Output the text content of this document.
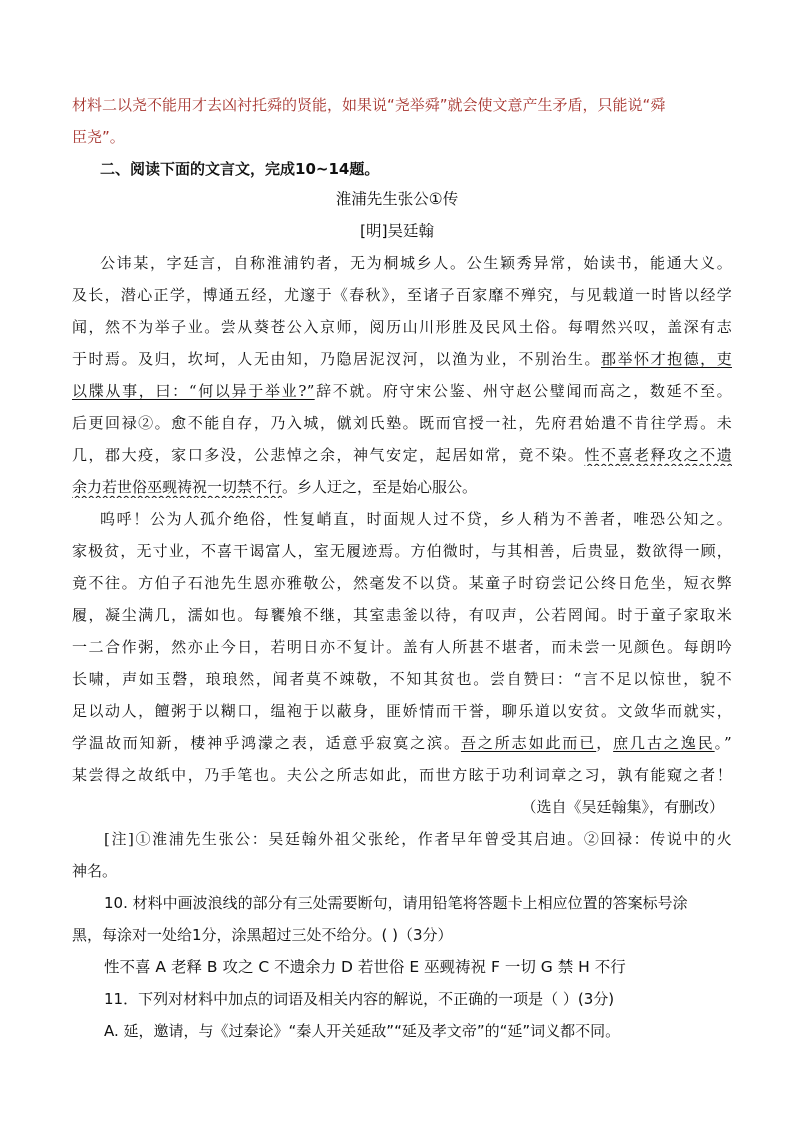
材料二以尧不能用才去凶衬托舜的贤能，如果说“尧举舜”就会使文意产生矛盾，只能说“舜
臣尧”。
二、阅读下面的文言文，完成10~14题。
淮浦先生张公①传
[明]吴廷翰
公讳某，字廷言，自称淮浦钓者，无为桐城乡人。公生颖秀异常，始读书，能通大义。
及长，潜心正学，博通五经，尤邃于《春秋》，至诸子百家靡不殚究，与见载道一时皆以经学
闻，然不为举子业。尝从葵苍公入京师，阅历山川形胜及民风土俗。每喟然兴叹，盖深有志
于时焉。及归，坎坷，人无由知，乃隐居泥汊河，以渔为业，不别治生。郡举怀才抱德，吏
以牒从事，曰：“何以异于举业?”辞不就。府守宋公鉴、州守赵公璧闻而高之，数延不至。
后更回禄②。愈不能自存，乃入城，僦刘氏塾。既而官授一社，先府君始遣不肯往学焉。未
几，郡大疫，家口多没，公悲悼之余，神气安定，起居如常，竟不染。性不喜老释攻之不遗
余力若世俗巫觋祷祝一切禁不行。乡人迂之，至是始心服公。
呜呼！公为人孤介绝俗，性复峭直，时面规人过不贷，乡人稍为不善者，唯恐公知之。
家极贫，无寸业，不喜干谒富人，室无履迹焉。方伯微时，与其相善，后贵显，数欲得一顾，
竟不往。方伯子石池先生恩亦雅敬公，然毫发不以贷。某童子时窃尝记公终日危坐，短衣弊
履，凝尘满几，濡如也。每饔飧不继，其室恚釜以待，有叹声，公若罔闻。时于童子家取米
一二合作粥，然亦止今日，若明日亦不复计。盖有人所甚不堪者，而未尝一见颜色。每朗吟
长啸，声如玉磬，琅琅然，闻者莫不竦敬，不知其贫也。尝自赞曰：“言不足以惊世，貌不
足以动人，饘粥于以糊口，缊袍于以蔽身，匪娇情而干誉，聊乐道以安贫。文敛华而就实，
学温故而知新，棲神乎鸿濛之表，适意乎寂寞之滨。吾之所志如此而已，庶几古之逸民。”
某尝得之故纸中，乃手笔也。夫公之所志如此，而世方眩于功利词章之习，孰有能窥之者！
（选自《吴廷翰集》，有删改）
[注]①淮浦先生张公：吴廷翰外祖父张纶，作者早年曾受其启迪。②回禄：传说中的火
神名。
10. 材料中画波浪线的部分有三处需要断句，请用铅笔将答题卡上相应位置的答案标号涂
黑，每涂对一处给1分，涂黑超过三处不给分。( )（3分）
性不喜 A 老释 B 攻之 C 不遗余力 D 若世俗 E 巫觋祷祝 F 一切 G 禁 H 不行
11．下列对材料中加点的词语及相关内容的解说，不正确的一项是（ ）(3分)
A. 延，邀请，与《过秦论》“秦人开关延敌”“延及孝文帝”的“延”词义都不同。
